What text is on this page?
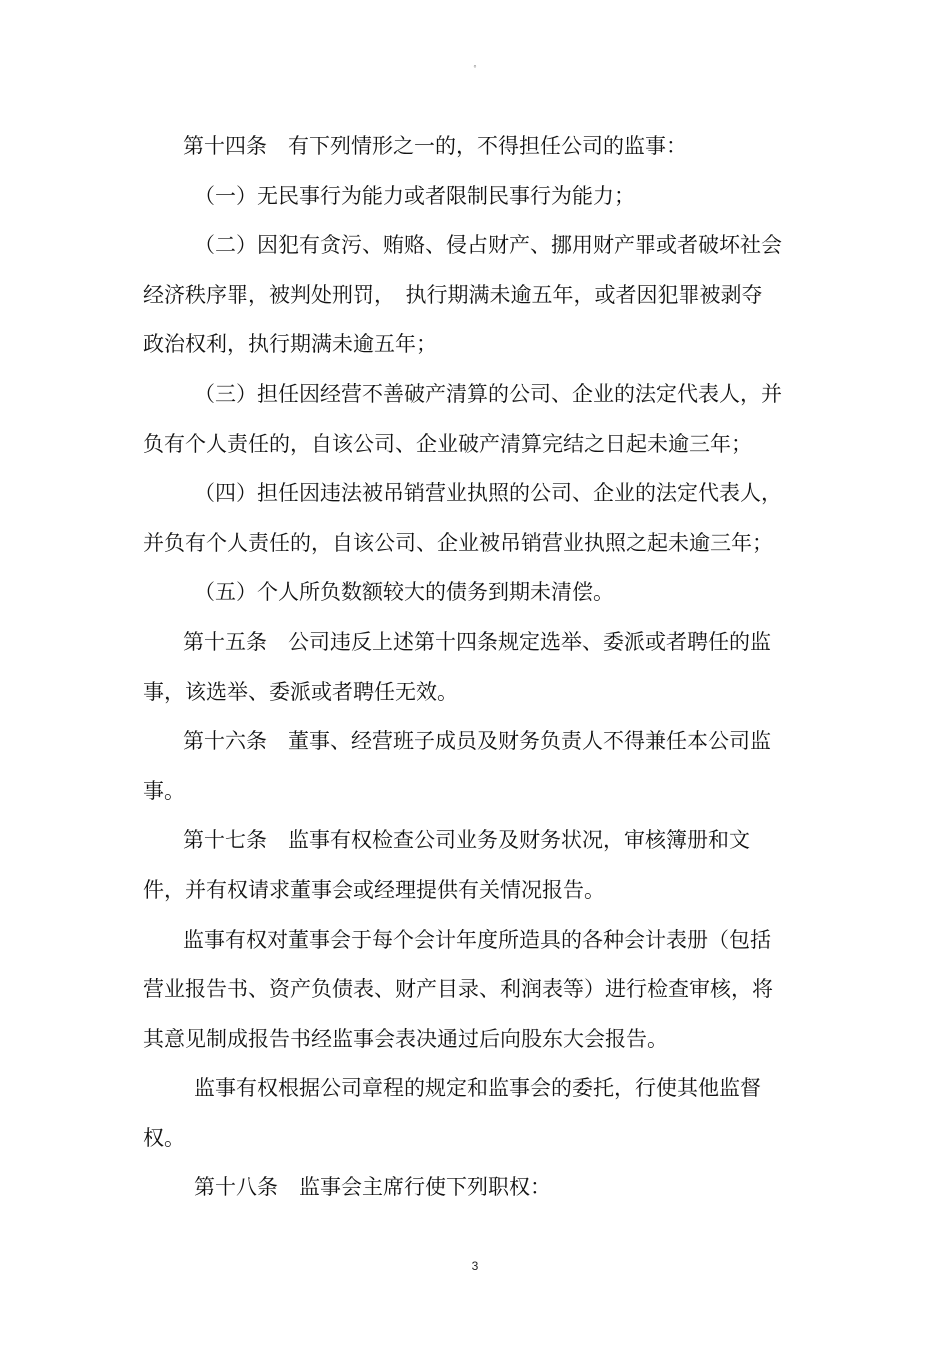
°

第十四条　有下列情形之一的，不得担任公司的监事：

（一）无民事行为能力或者限制民事行为能力；

（二）因犯有贪污、贿赂、侵占财产、挪用财产罪或者破坏社会经济秩序罪，被判处刑罚，　执行期满未逾五年，或者因犯罪被剥夺政治权利，执行期满未逾五年；

（三）担任因经营不善破产清算的公司、企业的法定代表人，并负有个人责任的，自该公司、企业破产清算完结之日起未逾三年；

（四）担任因违法被吊销营业执照的公司、企业的法定代表人，并负有个人责任的，自该公司、企业被吊销营业执照之起未逾三年；

（五）个人所负数额较大的债务到期未清偿。

第十五条　公司违反上述第十四条规定选举、委派或者聘任的监事，该选举、委派或者聘任无效。

第十六条　董事、经营班子成员及财务负责人不得兼任本公司监事。

第十七条　监事有权检查公司业务及财务状况，审核簿册和文件，并有权请求董事会或经理提供有关情况报告。

监事有权对董事会于每个会计年度所造具的各种会计表册（包括营业报告书、资产负债表、财产目录、利润表等）进行检查审核，将其意见制成报告书经监事会表决通过后向股东大会报告。

监事有权根据公司章程的规定和监事会的委托，行使其他监督权。

第十八条　监事会主席行使下列职权：

3
